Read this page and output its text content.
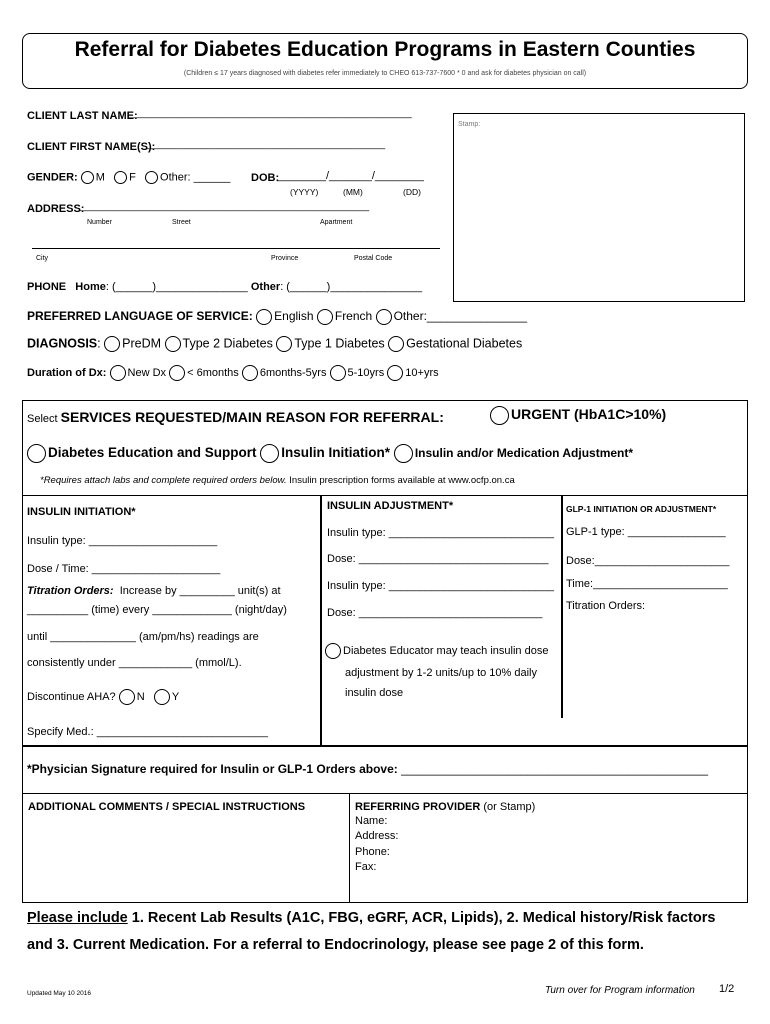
Referral for Diabetes Education Programs in Eastern Counties
(Children ≤ 17 years diagnosed with diabetes refer immediately to CHEO 613-737-7600 * 0 and ask for diabetes physician on call)
CLIENT LAST NAME:
___________________________________________________
CLIENT FIRST NAME(S):
___________________________________________
Stamp:
GENDER: M F Other: ______ DOB:
________/_______/________
(YYYY)	(MM)	(DD)
ADDRESS:
____________________________________________________
Number	Street	Apartment
City	Province	Postal Code
PHONE Home: (______)_______________ Other: (______)_______________
PREFERRED LANGUAGE OF SERVICE: English French Other:_______________
DIAGNOSIS: PreDM Type 2 Diabetes Type 1 Diabetes Gestational Diabetes
Duration of Dx: New Dx < 6months 6months-5yrs 5-10yrs 10+yrs
Select SERVICES REQUESTED/MAIN REASON FOR REFERRAL:	URGENT (HbA1C>10%)
Diabetes Education and Support Insulin Initiation* Insulin and/or Medication Adjustment*
*Requires attach labs and complete required orders below. Insulin prescription forms available at www.ocfp.on.ca
INSULIN INITIATION*
Insulin type: _____________________
Dose / Time: _____________________
Titration Orders: Increase by _________ unit(s) at
__________ (time) every _____________ (night/day)
until ______________ (am/pm/hs) readings are
consistently under ____________ (mmol/L).
Discontinue AHA? N Y
Specify Med.: ____________________________
INSULIN ADJUSTMENT*
Insulin type: ___________________________
Dose: _______________________________
Insulin type: ___________________________
Dose: ______________________________
Diabetes Educator may teach insulin dose
adjustment by 1-2 units/up to 10% daily
insulin dose
GLP-1 INITIATION OR ADJUSTMENT*
GLP-1 type: ________________
Dose:______________________
Time:______________________
Titration Orders:
*Physician Signature required for Insulin or GLP-1 Orders above: ______________________________________________
ADDITIONAL COMMENTS / SPECIAL INSTRUCTIONS	REFERRING PROVIDER (or Stamp)
Name:
Address:
Phone:
Fax:
Please include 1. Recent Lab Results (A1C, FBG, eGRF, ACR, Lipids), 2. Medical history/Risk factors
and 3. Current Medication. For a referral to Endocrinology, please see page 2 of this form.
Updated May 10 2016	Turn over for Program information 1/2
